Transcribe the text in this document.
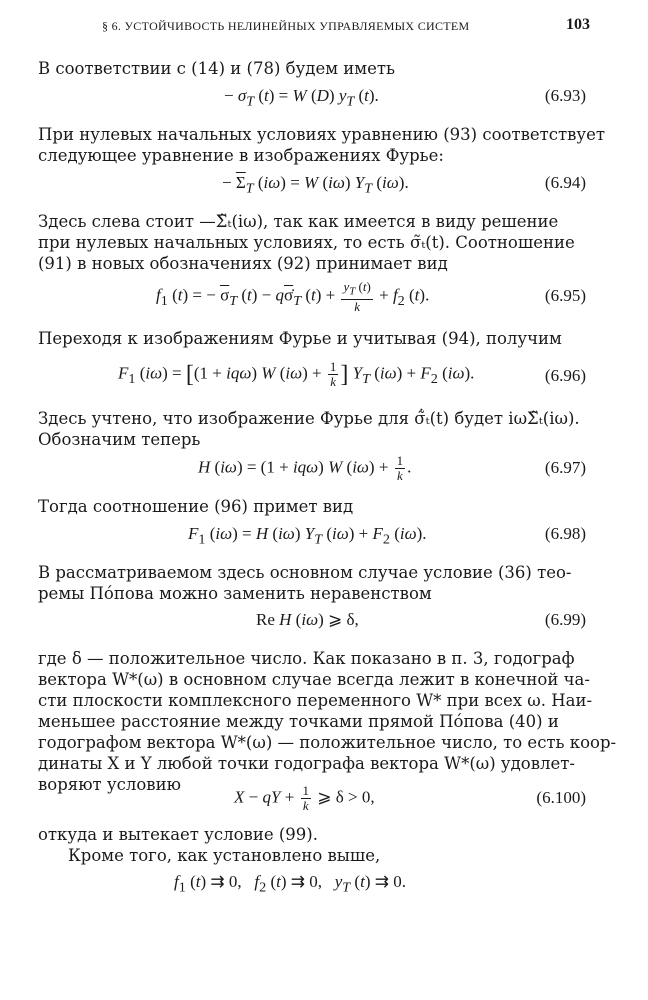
§ 6. УСТОЙЧИВОСТЬ НЕЛИНЕЙНЫХ УПРАВЛЯЕМЫХ СИСТЕМ	103
В соответствии с (14) и (78) будем иметь
− $\sigma_T$ (t) = W (D) $y_T$ (t).	(6.93)
При нулевых начальных условиях уравнению (93) соответствует
следующее уравнение в изображениях Фурье:
− $\overline{\Sigma}_T$ (iω) = W (iω) $Y_T$ (iω).	(6.94)
Здесь слева стоит —Σ̃ₜ(iω), так как имеется в виду решение
при нулевых начальных условиях, то есть σ̃ₜ(t). Соотношение
(91) в новых обозначениях (92) принимает вид
$f_1$ (t) = − $\overline{\sigma}_T$ $(t) - q\overline{\sigma}_T$ $(t) + \frac{y_T (t)}{k} + f_2$ (t).	(6.95)
Переходя к изображениям Фурье и учитывая (94), получим
$F_1$ (iω) = [(1 + iqω) W $(i\omega) + \frac{1}{k}$ ] $Y_T$ $(i\omega) + F_2$ (iω).	(6.96)
Здесь учтено, что изображение Фурье для σ̃̇ₜ(t) будет iωΣ̃ₜ(iω).
Обозначим теперь
H (iω) = (1 + iqω) W $(i\omega) + \frac{1}{k}$ .	(6.97)
Тогда соотношение (96) примет вид
$F_1$ (iω) = H (iω) $Y_T$ $(i\omega) + F_2$ (iω).	(6.98)
В рассматриваемом здесь основном случае условие (36) тео-
ремы Пóпова можно заменить неравенством
Re H (iω) ⩾ δ,	(6.99)
где δ — положительное число. Как показано в п. 3, годограф
вектора W*(ω) в основном случае всегда лежит в конечной ча-
сти плоскости комплексного переменного W* при всех ω. Наи-
меньшее расстояние между точками прямой Пóпова (40) и
годографом вектора W*(ω) — положительное число, то есть коор-
динаты X и Y любой точки годографа вектора W*(ω) удовлет-
воряют условию
X − qY + $\frac{1}{k}$ ⩾ δ > 0,	(6.100)
откуда и вытекает условие (99).
Кроме того, как установлено выше,
$f_1$ (t) ⇉ 0,   $f_2$ (t) ⇉ 0,   $y_T$ (t) ⇉ 0.
